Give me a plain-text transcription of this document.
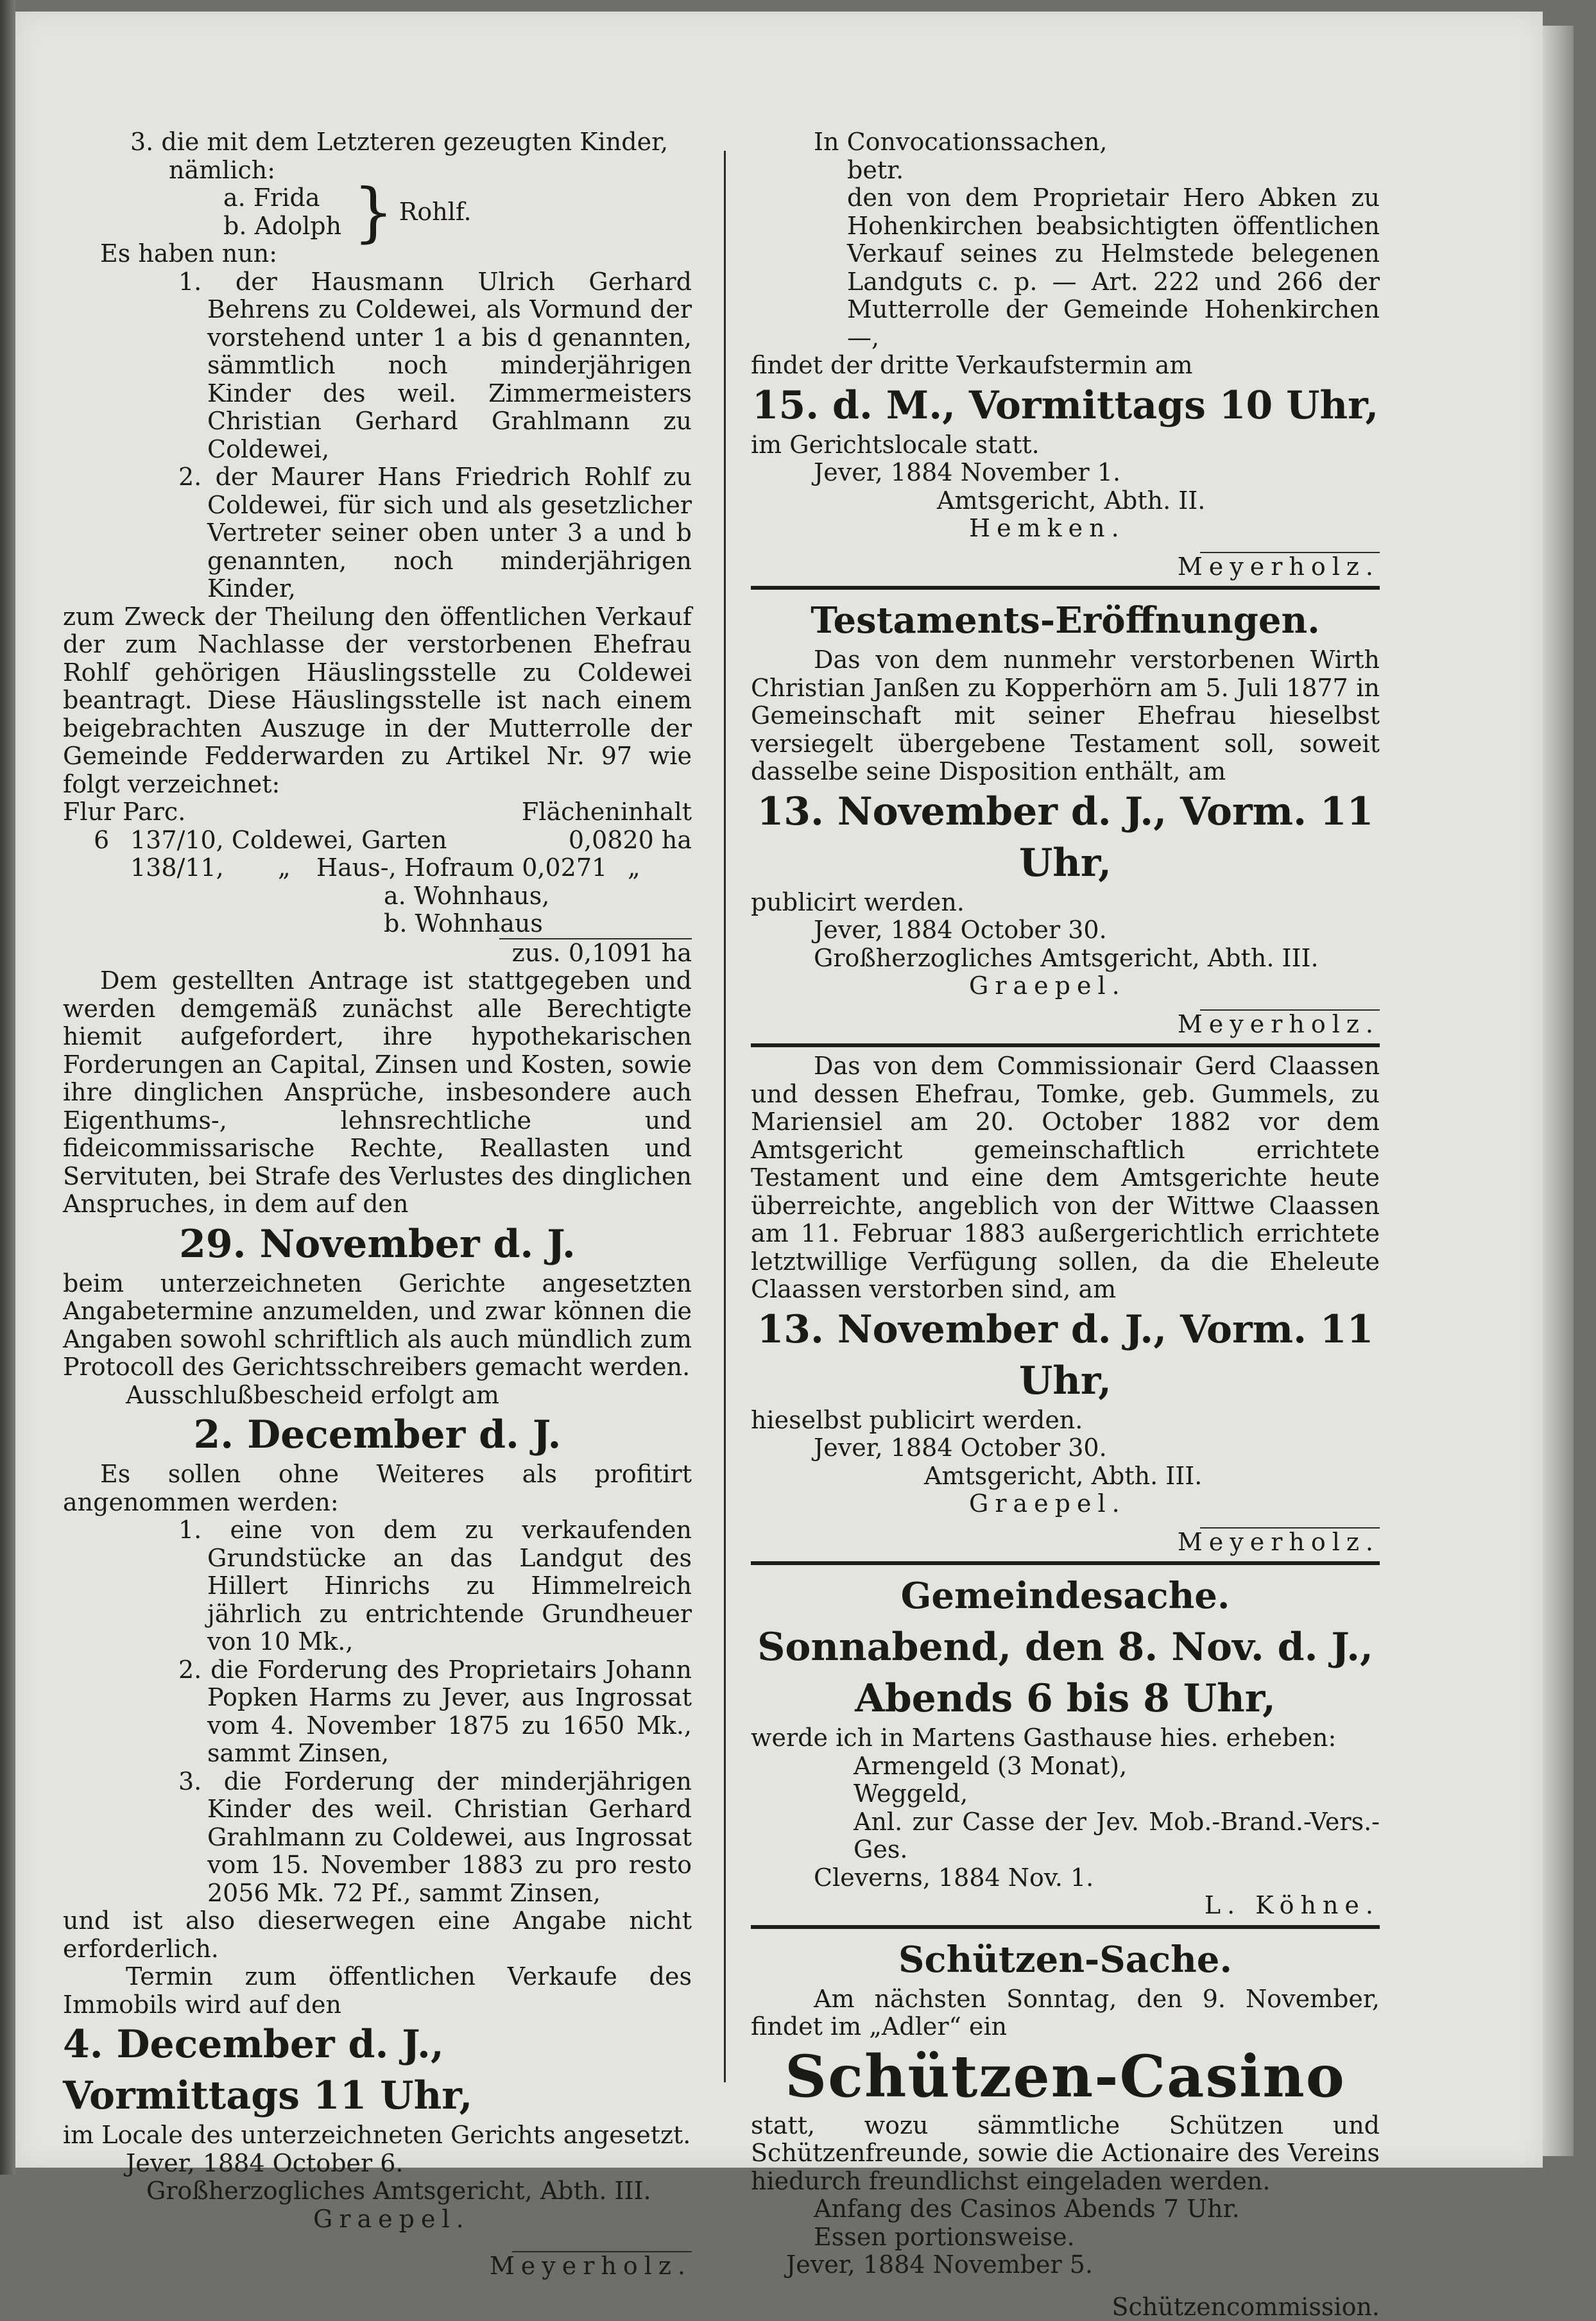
3. die mit dem Letzteren gezeugten Kinder,

nämlich:

a. Frida
b. Adolph } Rohlf.

Es haben nun:

1. der Hausmann Ulrich Gerhard Behrens zu Coldewei, als Vormund der vorstehend unter 1 a bis d genannten, sämmtlich noch minderjährigen Kinder des weil. Zimmermeisters Christian Gerhard Grahlmann zu Coldewei,

2. der Maurer Hans Friedrich Rohlf zu Coldewei, für sich und als gesetzlicher Vertreter seiner oben unter 3 a und b genannten, noch minderjährigen Kinder,

zum Zweck der Theilung den öffentlichen Verkauf der zum Nachlasse der verstorbenen Ehefrau Rohlf gehörigen Häuslingsstelle zu Coldewei beantragt. Diese Häuslingsstelle ist nach einem beigebrachten Auszuge in der Mutterrolle der Gemeinde Fedderwarden zu Artikel Nr. 97 wie folgt verzeichnet:

Flur Parc.	Flächeninhalt
6 137/10, Coldewei, Garten	0,0820 ha
138/11,	„	Haus-, Hofraum 0,0271 „
a. Wohnhaus,
b. Wohnhaus
zus. 0,1091 ha

Dem gestellten Antrage ist stattgegeben und werden demgemäß zunächst alle Berechtigte hiemit aufgefordert, ihre hypothekarischen Forderungen an Capital, Zinsen und Kosten, sowie ihre dinglichen Ansprüche, insbesondere auch Eigenthums-, lehnsrechtliche und fideicommissarische Rechte, Reallasten und Servituten, bei Strafe des Verlustes des dinglichen Anspruches, in dem auf den

29. November d. J.

beim unterzeichneten Gerichte angesetzten Angabetermine anzumelden, und zwar können die Angaben sowohl schriftlich als auch mündlich zum Protocoll des Gerichtsschreibers gemacht werden.

Ausschlußbescheid erfolgt am

2. December d. J.

Es sollen ohne Weiteres als profitirt angenommen werden:

1. eine von dem zu verkaufenden Grundstücke an das Landgut des Hillert Hinrichs zu Himmelreich jährlich zu entrichtende Grundheuer von 10 Mk.,

2. die Forderung des Proprietairs Johann Popken Harms zu Jever, aus Ingrossat vom 4. November 1875 zu 1650 Mk., sammt Zinsen,

3. die Forderung der minderjährigen Kinder des weil. Christian Gerhard Grahlmann zu Coldewei, aus Ingrossat vom 15. November 1883 zu pro resto 2056 Mk. 72 Pf., sammt Zinsen,

und ist also dieserwegen eine Angabe nicht erforderlich.

Termin zum öffentlichen Verkaufe des Immobils wird auf den

4. December d. J., Vormittags 11 Uhr,

im Locale des unterzeichneten Gerichts angesetzt.

Jever, 1884 October 6.

Großherzogliches Amtsgericht, Abth. III.

Graepel.

Meyerholz.

In Convocationssachen,

betr.

den von dem Proprietair Hero Abken zu Hohenkirchen beabsichtigten öffentlichen Verkauf seines zu Helmstede belegenen Landguts c. p. — Art. 222 und 266 der Mutterrolle der Gemeinde Hohenkirchen —,

findet der dritte Verkaufstermin am

15. d. M., Vormittags 10 Uhr,

im Gerichtslocale statt.

Jever, 1884 November 1.

Amtsgericht, Abth. II.

Hemken.

Meyerholz.

Testaments-Eröffnungen.

Das von dem nunmehr verstorbenen Wirth Christian Janßen zu Kopperhörn am 5. Juli 1877 in Gemeinschaft mit seiner Ehefrau hieselbst versiegelt übergebene Testament soll, soweit dasselbe seine Disposition enthält, am

13. November d. J., Vorm. 11 Uhr,

publicirt werden.

Jever, 1884 October 30.

Großherzogliches Amtsgericht, Abth. III.

Graepel.

Meyerholz.

Das von dem Commissionair Gerd Claassen und dessen Ehefrau, Tomke, geb. Gummels, zu Mariensiel am 20. October 1882 vor dem Amtsgericht gemeinschaftlich errichtete Testament und eine dem Amtsgerichte heute überreichte, angeblich von der Wittwe Claassen am 11. Februar 1883 außergerichtlich errichtete letztwillige Verfügung sollen, da die Eheleute Claassen verstorben sind, am

13. November d. J., Vorm. 11 Uhr,

hieselbst publicirt werden.

Jever, 1884 October 30.

Amtsgericht, Abth. III.

Graepel.

Meyerholz.

Gemeindesache.
Sonnabend, den 8. Nov. d. J.,
Abends 6 bis 8 Uhr,

werde ich in Martens Gasthause hies. erheben:

Armengeld (3 Monat),

Weggeld,

Anl. zur Casse der Jev. Mob.-Brand.-Vers.-Ges.

Cleverns, 1884 Nov. 1.

L. Köhne.

Schützen-Sache.

Am nächsten Sonntag, den 9. November, findet im „Adler“ ein

Schützen-Casino

statt, wozu sämmtliche Schützen und Schützenfreunde, sowie die Actionaire des Vereins hiedurch freundlichst eingeladen werden.

Anfang des Casinos Abends 7 Uhr.

Essen portionsweise.

Jever, 1884 November 5.

Schützencommission.
